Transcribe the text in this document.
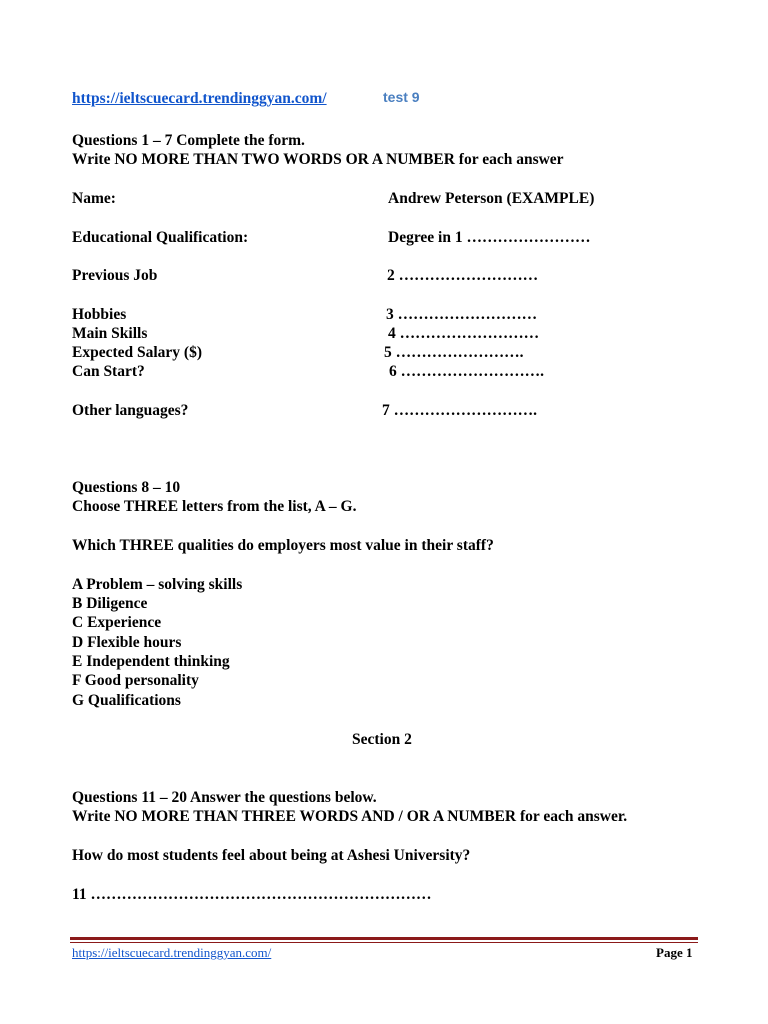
https://ieltscuecard.trendinggyan.com/	test 9
Questions 1 – 7 Complete the form.
Write NO MORE THAN TWO WORDS OR A NUMBER for each answer
Name:	Andrew Peterson (EXAMPLE)
Educational Qualification:	Degree in 1 ……………………
Previous Job	2 ………………………
Hobbies	3 ………………………
Main Skills	4 ………………………
Expected Salary ($)	5 …………………….
Can Start?	6 ……………………….
Other languages?	7 ……………………….
Questions 8 – 10
Choose THREE letters from the list, A – G.
Which THREE qualities do employers most value in their staff?
A Problem – solving skills
B Diligence
C Experience
D Flexible hours
E Independent thinking
F Good personality
G Qualifications
Section 2
Questions 11 – 20 Answer the questions below.
Write NO MORE THAN THREE WORDS AND / OR A NUMBER for each answer.
How do most students feel about being at Ashesi University?
11 …………………………………………………………
https://ieltscuecard.trendinggyan.com/	Page 1
